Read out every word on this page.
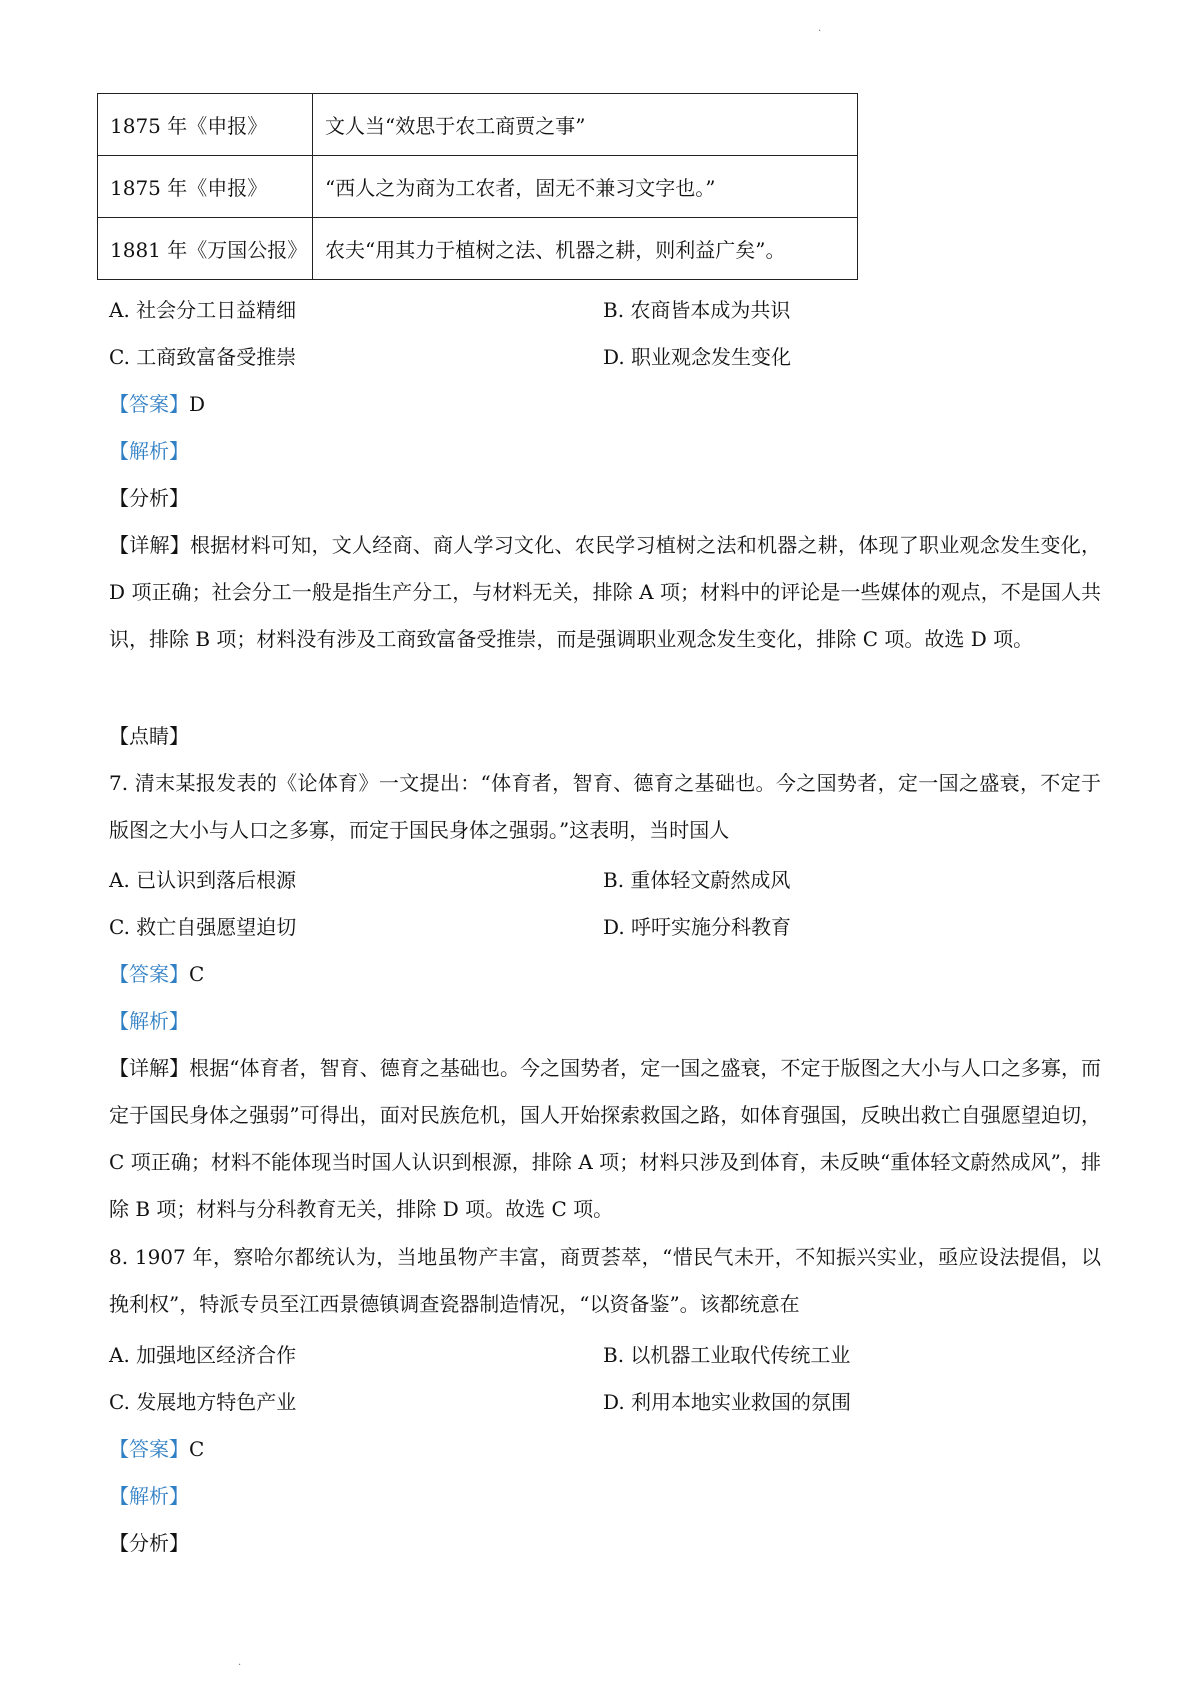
·
1875 年《申报》	文人当“效思于农工商贾之事”
1875 年《申报》	“西人之为商为工农者，固无不兼习文字也。”
1881 年《万国公报》	农夫“用其力于植树之法、机器之耕，则利益广矣”。
A. 社会分工日益精细	B. 农商皆本成为共识
C. 工商致富备受推崇	D. 职业观念发生变化
【答案】D
【解析】
【分析】
【详解】根据材料可知，文人经商、商人学习文化、农民学习植树之法和机器之耕，体现了职业观念发生变化，D 项正确；社会分工一般是指生产分工，与材料无关，排除 A 项；材料中的评论是一些媒体的观点，不是国人共识，排除 B 项；材料没有涉及工商致富备受推崇，而是强调职业观念发生变化，排除 C 项。故选 D 项。
【点睛】
7. 清末某报发表的《论体育》一文提出：“体育者，智育、德育之基础也。今之国势者，定一国之盛衰，不定于版图之大小与人口之多寡，而定于国民身体之强弱。”这表明，当时国人
A. 已认识到落后根源	B. 重体轻文蔚然成风
C. 救亡自强愿望迫切	D. 呼吁实施分科教育
【答案】C
【解析】
【详解】根据“体育者，智育、德育之基础也。今之国势者，定一国之盛衰，不定于版图之大小与人口之多寡，而定于国民身体之强弱”可得出，面对民族危机，国人开始探索救国之路，如体育强国，反映出救亡自强愿望迫切，C 项正确；材料不能体现当时国人认识到根源，排除 A 项；材料只涉及到体育，未反映“重体轻文蔚然成风”，排除 B 项；材料与分科教育无关，排除 D 项。故选 C 项。
8. 1907 年，察哈尔都统认为，当地虽物产丰富，商贾荟萃，“惜民气未开，不知振兴实业，亟应设法提倡，以挽利权”，特派专员至江西景德镇调查瓷器制造情况，“以资备鉴”。该都统意在
A. 加强地区经济合作	B. 以机器工业取代传统工业
C. 发展地方特色产业	D. 利用本地实业救国的氛围
【答案】C
【解析】
【分析】
·
